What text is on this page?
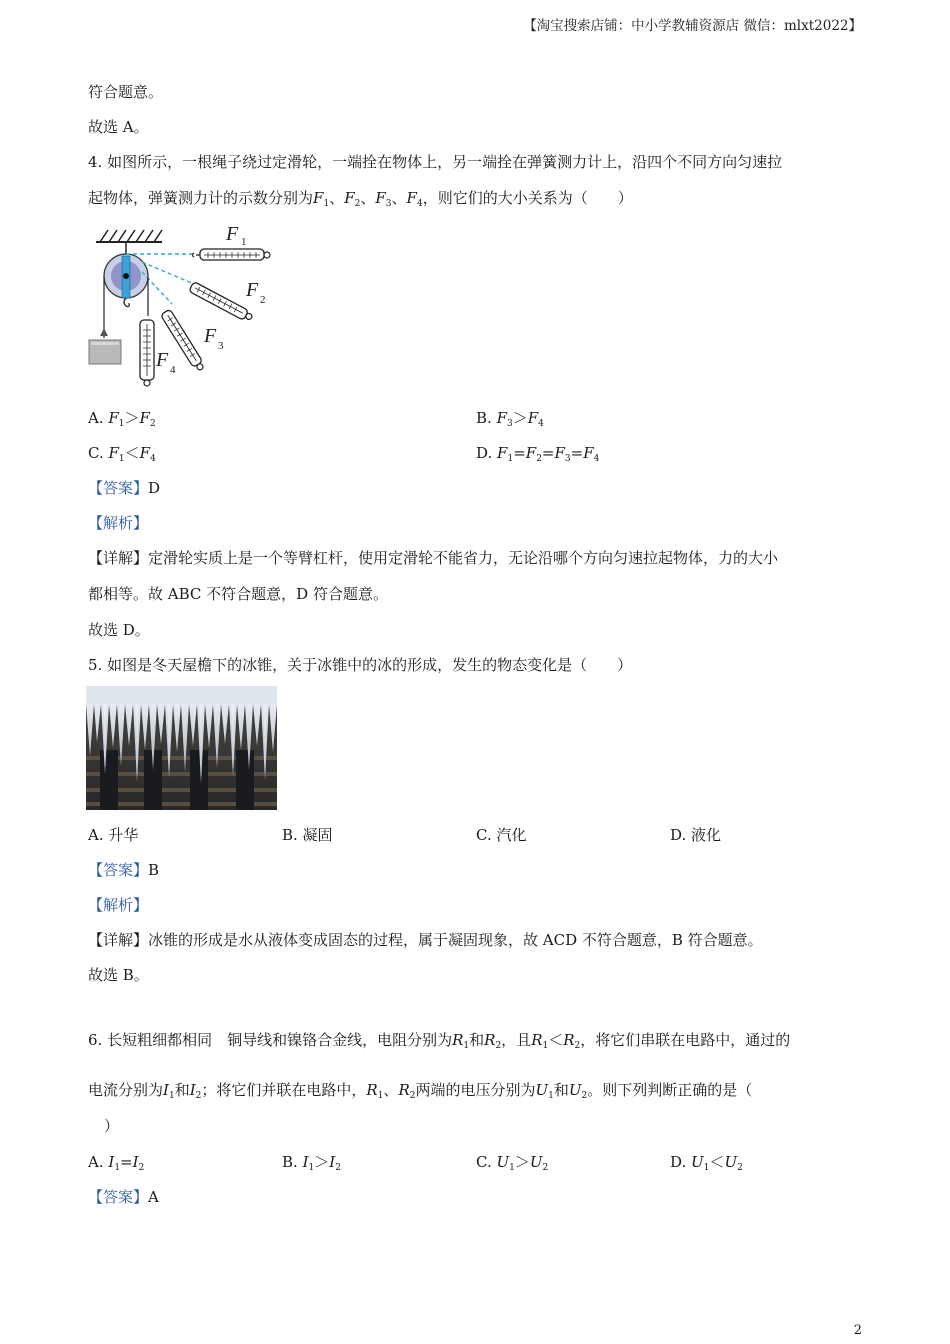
【淘宝搜索店铺：中小学教辅资源店 微信：mlxt2022】
符合题意。
故选 A。
4. 如图所示，一根绳子绕过定滑轮，一端拴在物体上，另一端拴在弹簧测力计上，沿四个不同方向匀速拉
起物体，弹簧测力计的示数分别为$F_1$、$F_2$、$F_3$、$F_4$，则它们的大小关系为（　　）
F 1
F 2
F 3
F 4
A. $F_1>F_2$	B. $F_3>F_4$
C. $F_1<F_4$	D. $F_1=F_2=F_3=F_4$
【答案】D
【解析】
【详解】定滑轮实质上是一个等臂杠杆，使用定滑轮不能省力，无论沿哪个方向匀速拉起物体，力的大小
都相等。故 ABC 不符合题意，D 符合题意。
故选 D。
5. 如图是冬天屋檐下的冰锥，关于冰锥中的冰的形成，发生的物态变化是（　　）
A. 升华	B. 凝固	C. 汽化	D. 液化
【答案】B
【解析】
【详解】冰锥的形成是水从液体变成固态的过程，属于凝固现象，故 ACD 不符合题意，B 符合题意。
故选 B。
6. 长短粗细都相同　铜导线和镍铬合金线，电阻分别为$R_1$和$R_2$，且$R_1<R_2$，将它们串联在电路中，通过的
电流分别为$I_1$和$I_2$；将它们并联在电路中，$R_1$、$R_2$两端的电压分别为$U_1$和$U_2$。则下列判断正确的是（
）
A. $I_1=I_2$	B. $I_1>I_2$	C. $U_1>U_2$	D. $U_1<U_2$
【答案】A
2
